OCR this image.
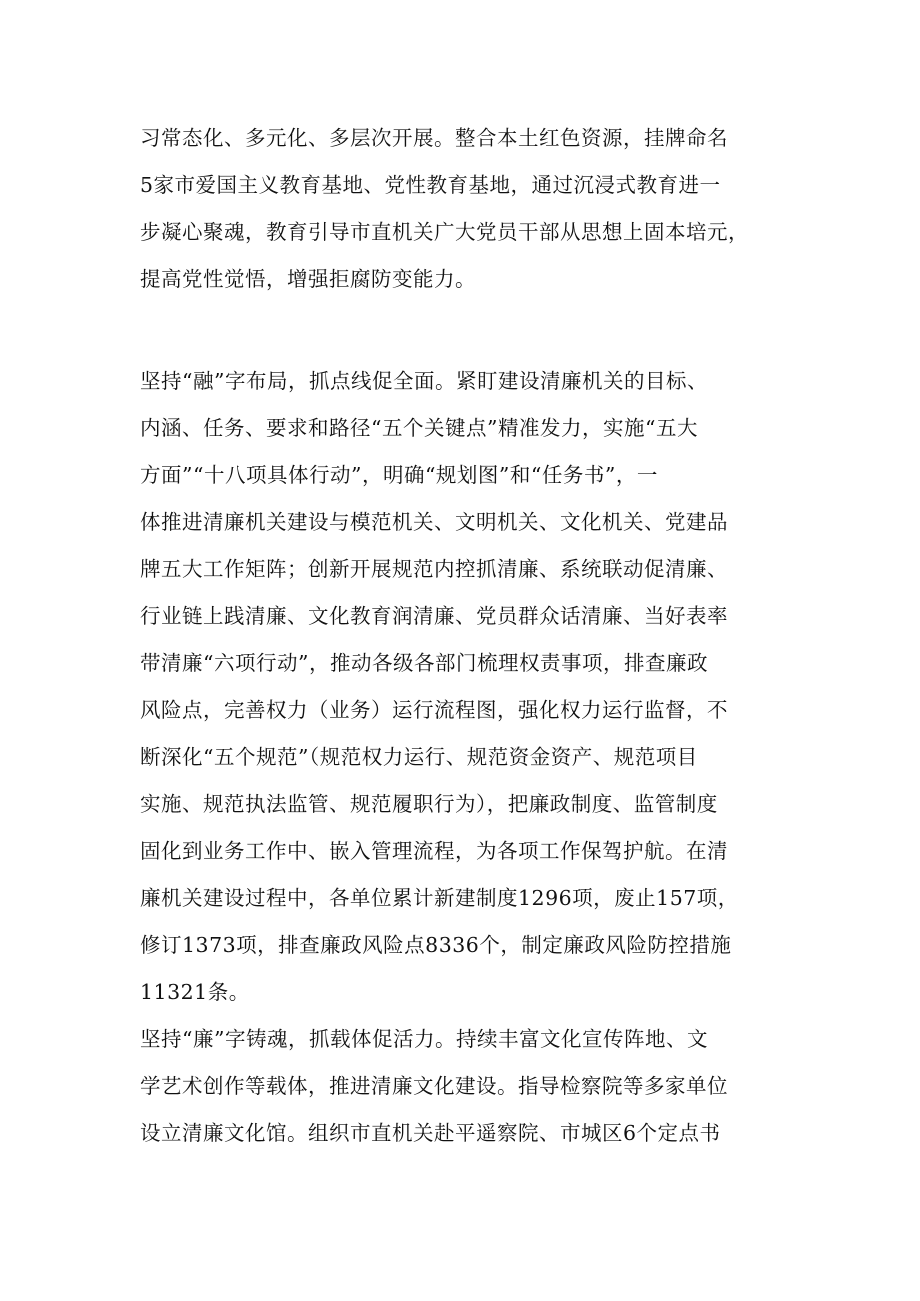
习常态化、多元化、多层次开展。整合本土红色资源，挂牌命名
5家市爱国主义教育基地、党性教育基地，通过沉浸式教育进一
步凝心聚魂，教育引导市直机关广大党员干部从思想上固本培元，
提高党性觉悟，增强拒腐防变能力。
坚持“融”字布局，抓点线促全面。紧盯建设清廉机关的目标、
内涵、任务、要求和路径“五个关键点”精准发力，实施“五大
方面”“十八项具体行动”，明确“规划图”和“任务书”，一
体推进清廉机关建设与模范机关、文明机关、文化机关、党建品
牌五大工作矩阵；创新开展规范内控抓清廉、系统联动促清廉、
行业链上践清廉、文化教育润清廉、党员群众话清廉、当好表率
带清廉“六项行动”，推动各级各部门梳理权责事项，排查廉政
风险点，完善权力（业务）运行流程图，强化权力运行监督，不
断深化“五个规范”（规范权力运行、规范资金资产、规范项目
实施、规范执法监管、规范履职行为），把廉政制度、监管制度
固化到业务工作中、嵌入管理流程，为各项工作保驾护航。在清
廉机关建设过程中，各单位累计新建制度1296项，废止157项，
修订1373项，排查廉政风险点8336个，制定廉政风险防控措施
11321条。
坚持“廉”字铸魂，抓载体促活力。持续丰富文化宣传阵地、文
学艺术创作等载体，推进清廉文化建设。指导检察院等多家单位
设立清廉文化馆。组织市直机关赴平遥察院、市城区6个定点书
